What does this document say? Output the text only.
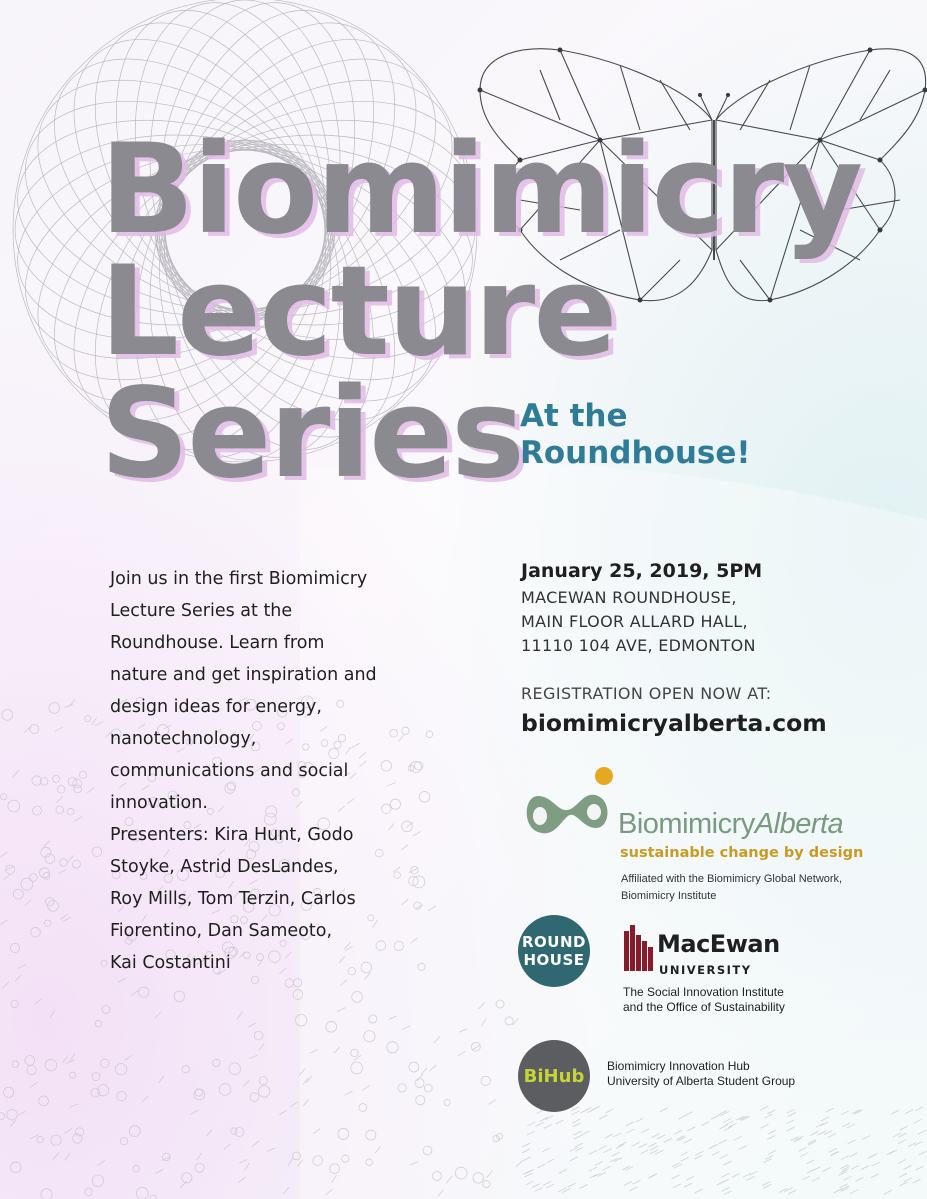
Biomimicry
Lecture
Series
At the
Roundhouse!
Join us in the first Biomimicry
Lecture Series at the
Roundhouse. Learn from
nature and get inspiration and
design ideas for energy,
nanotechnology,
communications and social
innovation.
Presenters: Kira Hunt, Godo
Stoyke, Astrid DesLandes,
Roy Mills, Tom Terzin, Carlos
Fiorentino, Dan Sameoto,
Kai Costantini
January 25, 2019, 5PM
MACEWAN ROUNDHOUSE,
MAIN FLOOR ALLARD HALL,
11110 104 AVE, EDMONTON
REGISTRATION OPEN NOW AT:
biomimicryalberta.com
BiomimicryAlberta
sustainable change by design
Affiliated with the Biomimicry Global Network,
Biomimicry Institute
ROUND
HOUSE
MacEwan
UNIVERSITY
The Social Innovation Institute
and the Office of Sustainability
BiHub	Biomimicry Innovation Hub
University of Alberta Student Group
